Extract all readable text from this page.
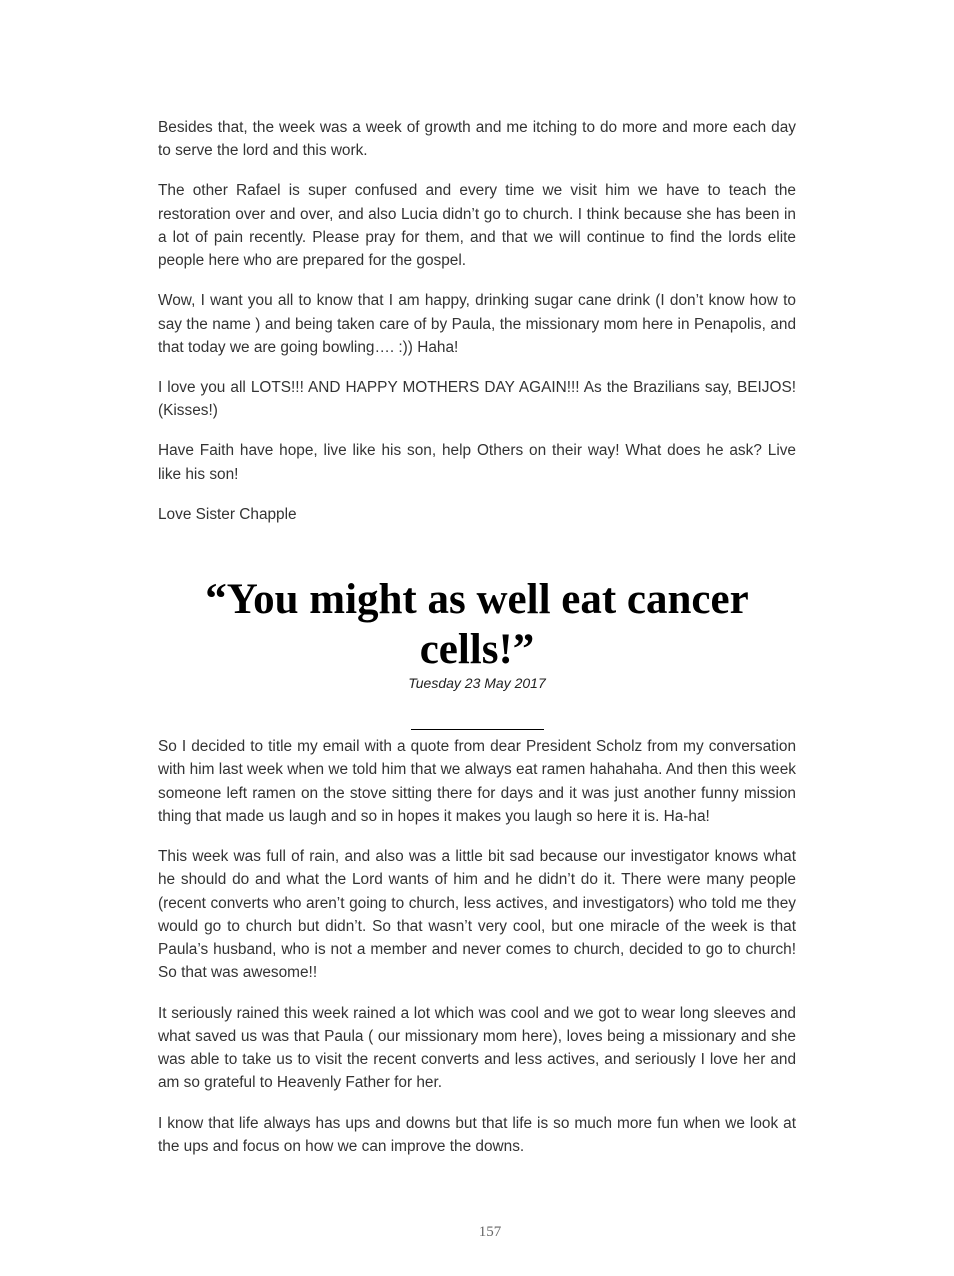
Besides that, the week was a week of growth and me itching to do more and more each day to serve the lord and this work.

The other Rafael is super confused and every time we visit him we have to teach the restoration over and over, and also Lucia didn’t go to church. I think because she has been in a lot of pain recently. Please pray for them, and that we will continue to find the lords elite people here who are prepared for the gospel.

Wow, I want you all to know that I am happy, drinking sugar cane drink (I don’t know how to say the name ) and being taken care of by Paula, the missionary mom here in Penapolis, and that today we are going bowling…. :)) Haha!

I love you all LOTS!!! AND HAPPY MOTHERS DAY AGAIN!!! As the Brazilians say, BEIJOS! (Kisses!)

Have Faith have hope, live like his son, help Others on their way! What does he ask? Live like his son!

Love Sister Chapple

“You might as well eat cancer cells!”

Tuesday 23 May 2017

So I decided to title my email with a quote from dear President Scholz from my conversation with him last week when we told him that we always eat ramen hahahaha. And then this week someone left ramen on the stove sitting there for days and it was just another funny mission thing that made us laugh and so in hopes it makes you laugh so here it is. Ha-ha!

This week was full of rain, and also was a little bit sad because our investigator knows what he should do and what the Lord wants of him and he didn’t do it. There were many people (recent converts who aren’t going to church, less actives, and investigators) who told me they would go to church but didn’t. So that wasn’t very cool, but one miracle of the week is that Paula’s husband, who is not a member and never comes to church, decided to go to church! So that was awesome!!

It seriously rained this week rained a lot which was cool and we got to wear long sleeves and what saved us was that Paula ( our missionary mom here), loves being a missionary and she was able to take us to visit the recent converts and less actives, and seriously I love her and am so grateful to Heavenly Father for her.

I know that life always has ups and downs but that life is so much more fun when we look at the ups and focus on how we can improve the downs.

157
